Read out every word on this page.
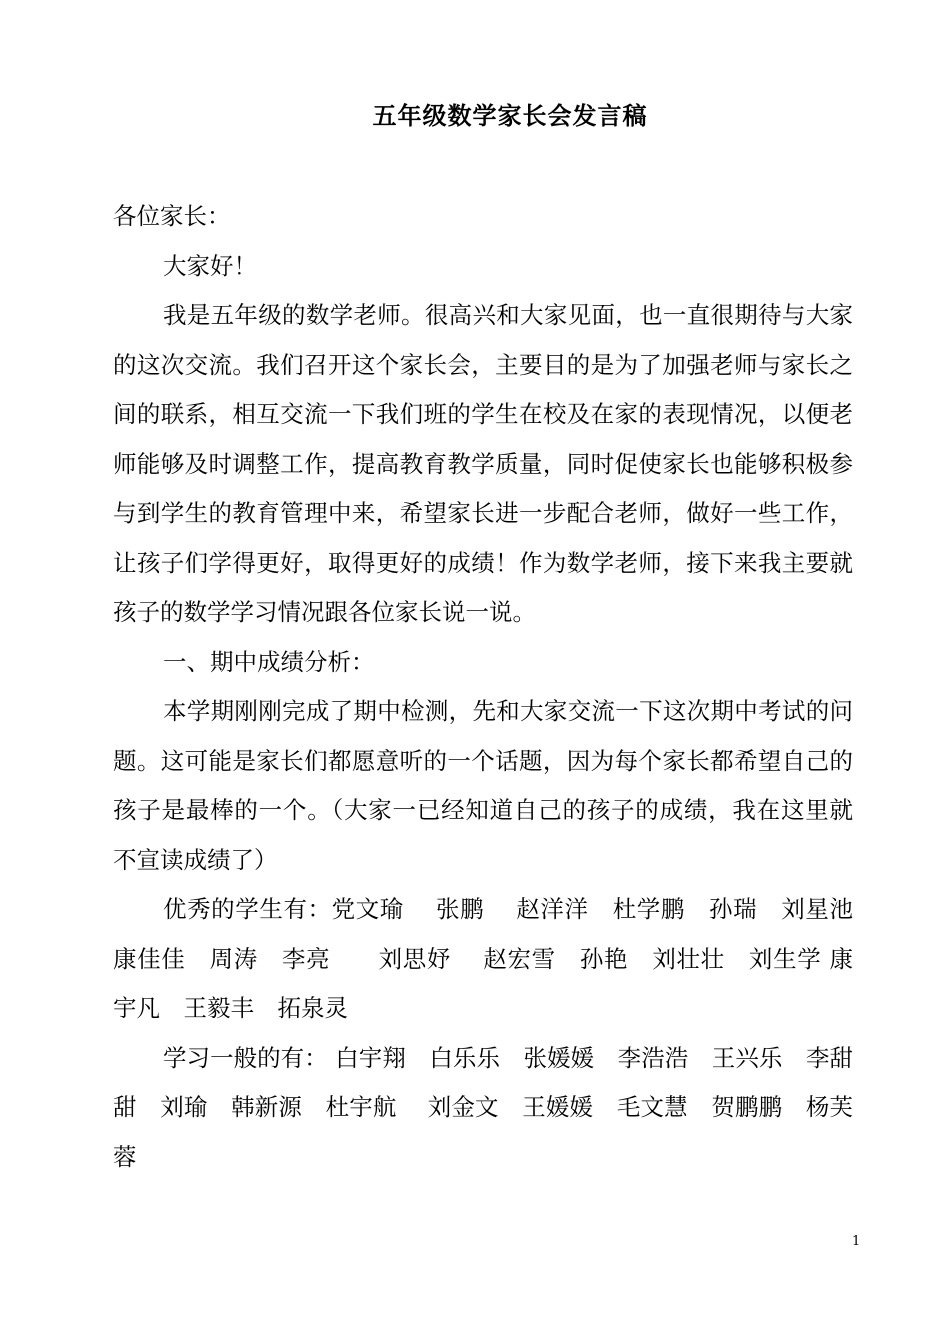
五年级数学家长会发言稿

各位家长：

大家好！

我是五年级的数学老师。很高兴和大家见面，也一直很期待与大家的这次交流。我们召开这个家长会，主要目的是为了加强老师与家长之间的联系，相互交流一下我们班的学生在校及在家的表现情况，以便老师能够及时调整工作，提高教育教学质量，同时促使家长也能够积极参与到学生的教育管理中来，希望家长进一步配合老师，做好一些工作，让孩子们学得更好，取得更好的成绩！作为数学老师，接下来我主要就孩子的数学学习情况跟各位家长说一说。

一、期中成绩分析：

本学期刚刚完成了期中检测，先和大家交流一下这次期中考试的问题。这可能是家长们都愿意听的一个话题，因为每个家长都希望自己的孩子是最棒的一个。（大家一已经知道自己的孩子的成绩，我在这里就不宣读成绩了）

优秀的学生有：党文瑜　 张鹏　 赵洋洋　杜学鹏　孙瑞　刘星池　康佳佳　周涛　李亮　　刘思妤　 赵宏雪　孙艳　刘壮壮　刘生学 康宇凡　王毅丰　拓泉灵

学习一般的有： 白宇翔　白乐乐　张媛媛　李浩浩　王兴乐　李甜甜　刘瑜　韩新源　杜宇航　 刘金文　王媛媛　毛文慧　贺鹏鹏　杨芙蓉

1
